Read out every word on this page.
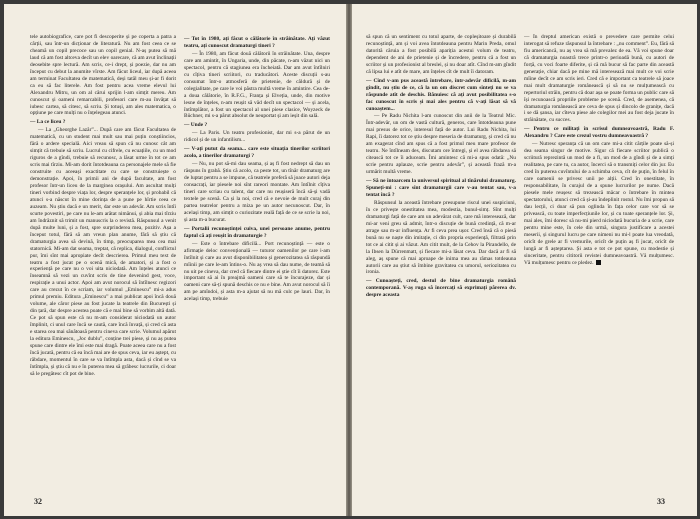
tele autobiografice, care pot fi descoperite și pe coperta a patra a cărții, sau într-un dicționar de literatură. Nu am fost ceea ce se cheamă un copil precoce sau un copil genial. N-aș putea să mă laud că am fost altceva decît un elev oarecare, că am avut înclinații deosebite spre lectură. Am scris, ce-i drept, și poezie, dar nu am început cu debut la anumite vîrste. Am făcut liceul, iar după aceea am terminat Facultatea de matematică, deși tatăl meu și-ar fi dorit ca eu să fac literele. Am fost pentru acea vreme elevul lui Alexandru Mitru, un om al cărui sprijin l-am simțit mereu. Am cunoscut și oameni remarcabili, profesori care m-au învățat să iubesc cartea, să citesc, să scriu. Și totuși, am ales matematica, o opțiune pe care mulți nu o înțelegeau atunci.

— La ce liceu ?

— La „Gheorghe Lazăr”... După care am făcut Facultatea de matematică, cu un student mai mult sau mai puțin conștiincios, fără o ardere specială. Aici vreau să spun că nu cunosc cât am simțit că trebuie să scriu. Lucrul cu cifrele, cu ecuațiile, cu un mod riguros de a gîndi, trebuie să recunosc, a lăsat urme în tot ce am scris mai tîrziu. Mi-am dorit întotdeauna ca personajele mele să fie construite cu aceeași exactitate cu care se construiește o demonstrație. Apoi, în primii ani de după facultate, am fost profesor într-un liceu de la marginea orașului. Am ascultat mulți tineri vorbind despre viața lor, despre speranțele lor, și probabil că atunci s-a născut în mine dorința de a pune pe hîrtie ceea ce auzeam. Nu știu dacă e un merit, dar este un adevăr. Am scris întîi scurte povestiri, pe care nu le-am arătat nimănui, și abia mai tîrziu am îndrăznit să trimit un manuscris la o revistă. Răspunsul a venit după multe luni, și a fost, spre surprinderea mea, pozitiv. Așa a început totul, fără să am vreun plan anume, fără să știu că dramaturgia avea să devină, în timp, preocuparea mea cea mai statornică. Mi-am dat seama, treptat, că replica, dialogul, conflictul pur, îmi sînt mai apropiate decît descrierea. Primul meu text de teatru a fost jucat pe o scenă mică, de amatori, și a fost o experiență pe care nu o voi uita niciodată. Am înțeles atunci ce înseamnă să vezi un cuvînt scris de tine devenind gest, voce, respirație a unui actor. Apoi am avut norocul să întîlnesc regizori care au crezut în ce scriam, iar volumul „Eminescu” mi-a adus primul premiu. Editura „Eminescu” a mai publicat apoi încă două volume, ale căror piese au fost jucate la teatrele din București și din țară, dar despre acestea poate că e mai bine să vorbim altă dată. Ce pot să spun este că nu m-am considerat niciodată un autor împlinit, ci unul care încă se caută, care încă învață, și cred că asta e starea cea mai sănătoasă pentru cineva care scrie. Volumul apărut la editura Eminescu, „Joc dublu”, conține trei piese, și nu aș putea spune care dintre ele îmi este mai dragă. Poate aceea care nu a fost încă jucată, pentru că ea încă mai are de spus ceva, iar eu aștept, cu răbdare, momentul în care se va întîmpla asta, dacă și cînd se va întîmpla, și știu că nu e în puterea mea să grăbesc lucrurile, ci doar să le pregătesc cît pot de bine.

— Tot în 1980, ați făcut o călătorie în străinătate. Ați văzut teatru, ați cunoscut dramaturgi tineri ?

— În 1980, am făcut două călătorii în străinătate. Una, despre care am amintit, în Ungaria, unde, din păcate, n-am văzut nici un spectacol, pentru că stagiunea era încheiată. Dar am avut întîlniri cu cîțiva tineri scriitori, cu traducători. Aceste discuții s-au consumat într-o atmosferă de prietenie, de căldură și de colegialitate, pe care le voi păstra multă vreme în amintire. Cea de-a doua călătorie, în R.F.G., Franța și Elveția, unde, din motive lesne de înțeles, n-am reușit să văd decît un spectacol — și acela, întîmplător, a fost un spectacol al unei piese clasice, Woyzeck de Büchner, mi s-a părut absolut de neuportat și am ieșit din sală.

— Unde ?

— La Paris. Un teatru profesionist, dar mi s-a părut de un ridicol și de un infantilism...

— V-ați putut da seama... care este situația tinerilor scriitori acolo, a tinerilor dramaturgi ?

— Nu, nu pot să-mi dau seama, și aș fi fost nedrept să dau un răspuns în grabă. Știu că acolo, ca peste tot, un tînăr dramaturg are de luptat pentru a se impune, că teatrele preferă să joace autori deja consacrați, iar piesele noi sînt rareori montate. Am întîlnit cîțiva tineri care scriau cu talent, dar care nu reușiseră încă să-și vadă textele pe scenă. Ca și la noi, cred că e nevoie de mult curaj din partea teatrelor pentru a miza pe un autor necunoscut. Dar, în același timp, am simțit o curiozitate reală față de ce se scrie la noi, și asta m-a bucurat.

— Portalii recunoștinței cuiva, unei persoane anume, pentru faptul că ați reușit în dramaturgie ?

— Este o întrebare dificilă... Port recunoștință — este o afirmație deloc convențională — tuturor oamenilor pe care i-am întîlnit și care au avut disponibilitatea și generozitatea să răspundă mîinii pe care le-am întins-o. Nu aș vrea să dau nume, de teamă să nu uit pe cineva, dar cred că fiecare dintre ei știe cît îi datorez. Este important să ai în preajmă oameni care să te încurajeze, dar și oameni care să-ți spună deschis ce nu e bine. Am avut norocul să îi am pe amîndoi, și asta m-a ajutat să nu mă culc pe lauri. Dar, în același timp, trebuie

32

să spun că un sentiment cu totul aparte, de copleșitoare și durabilă recunoștință, am și voi avea întotdeauna pentru Marin Preda, omul datorită căruia a fost posibilă apariția acestui volum de teatru, dependent de ani de prietenie și de încredere, pentru că a fost un scriitor și un profesionist al breslei, și nu doar atît. Cînd m-am gîndit că lipsa lui e atît de mare, am înțeles cît de mult îi datoram.

— Cînd v-am pus această întrebare, într-adevăr dificilă, m-am gîndit, nu știu de ce, că la un om discret cum sînteți nu se va răspunde atît de deschis. Bănuiesc că ați avut posibilitatea s-o fac cunoscut în scris și mai ales pentru că v-ați lăsat să vă cunoaștem...

— Pe Radu Nichita l-am cunoscut din anii de la Teatrul Mic. Într-adevăr, un om de vastă cultură, generos, care întotdeauna pune mai presus de orice, interesul față de autor. Lui Radu Nichita, lui Rapi, îi datorez tot ce știu despre meseria de dramaturg, și cred că nu am exagerat cînd am spus că a fost primul meu mare profesor de teatru. Ne întîlneam des, discutam ore întregi, și el avea răbdarea să citească tot ce îi aduceam. Îmi amintesc că mi-a spus odată: „Nu scrie pentru aplauze, scrie pentru adevăr”, și această frază m-a urmărit multă vreme.

— Să ne întoarcem la universul spiritual al tînărului dramaturg. Spuneți-mi : care sînt dramaturgii care v-au tentat sau, v-a tentat încă ?

Răspunsul la această întrebare presupune riscul unei suspiciuni, în ce privește onestitatea mea, modestia, bunul-simț. Sînt mulți dramaturgi față de care am un adevărat cult, care mă interesează, dar mi-ar veni greu să admit, într-o discuție de bună credință, că m-ar atrage sau m-ar influența. Ar fi ceva prea ușor. Cred însă că o piesă bună nu se naște din imitație, ci din propria experiență, filtrată prin tot ce ai citit și ai văzut. Am citit mult, de la Cehov la Pirandello, de la Ibsen la Dürrenmatt, și fiecare mi-a lăsat ceva. Dar dacă ar fi să aleg, aș spune că mai aproape de inima mea au rămas totdeauna autorii care au știut să îmbine gravitatea cu umorul, seriozitatea cu ironia.

— Cunoașteți, cred, destul de bine dramaturgia română contemporană. V-aș ruga să încercați să exprimați părerea dv. despre aceasta

— În dreptul american există o prevedere care permite celui interogat să refuze răspunsul la întrebare : „nu comment”. Eu, fără să fiu americancă, nu aș vrea să mă prevalez de ea. Vă voi spune doar că dramaturgia noastră trece printr-o perioadă bună, cu autori de forță, cu voci foarte diferite, și că mă bucur să fac parte din această generație, chiar dacă pe mine mă interesează mai mult ce voi scrie mîine decît ce am scris ieri. Cred că e important ca teatrele să joace mai mult dramaturgie românească și să nu se mulțumească cu repertoriul străin, pentru că doar așa se poate forma un public care să își recunoască propriile probleme pe scenă. Cred, de asemenea, că dramaturgia românească are ceva de spus și dincolo de granițe, dacă i se dă șansa, iar cîteva piese ale colegilor mei au fost deja jucate în străinătate, cu succes.

— Pentru ce militați în scrisul dumneavoastră, Radu F. Alexandru ? Care este crezul vostru dumneavoastră ?

— Nutresc speranța că un om care mi-a citit cărțile poate să-și dea seama singur de motive. Sigur că fiecare scriitor publică o scriitură reprezintă un mod de a fi, un mod de a gîndi și de a simți realitatea, pe care tu, ca autor, încerci să o transmiți celor din jur. Eu cred în puterea cuvîntului de a schimba ceva, cît de puțin, în felul în care oamenii se privesc unii pe alții. Cred în onestitate, în responsabilitate, în curajul de a spune lucrurilor pe nume. Dacă piesele mele reușesc să trezească măcar o întrebare în mintea spectatorului, atunci cred că și-au îndeplinit rostul. Nu îmi propun să dau lecții, ci doar să pun oglinda în fața celor care vor să se privească, cu toate imperfecțiunile lor, și cu toate speranțele lor. Și, mai ales, îmi doresc să nu-mi pierd niciodată bucuria de a scrie, care pentru mine este, în cele din urmă, singura justificare a acestei meserii, și singurul lucru pe care nimeni nu mi-l poate lua vreodată, oricît de grele ar fi vremurile, oricît de puțin aș fi jucat, oricît de lungă ar fi așteptarea. Și asta e tot ce pot spune, cu modestie și sinceritate, pentru cititorii revistei dumneavoastră. Vă mulțumesc. Vă mulțumesc pentru ce pledez.

33
